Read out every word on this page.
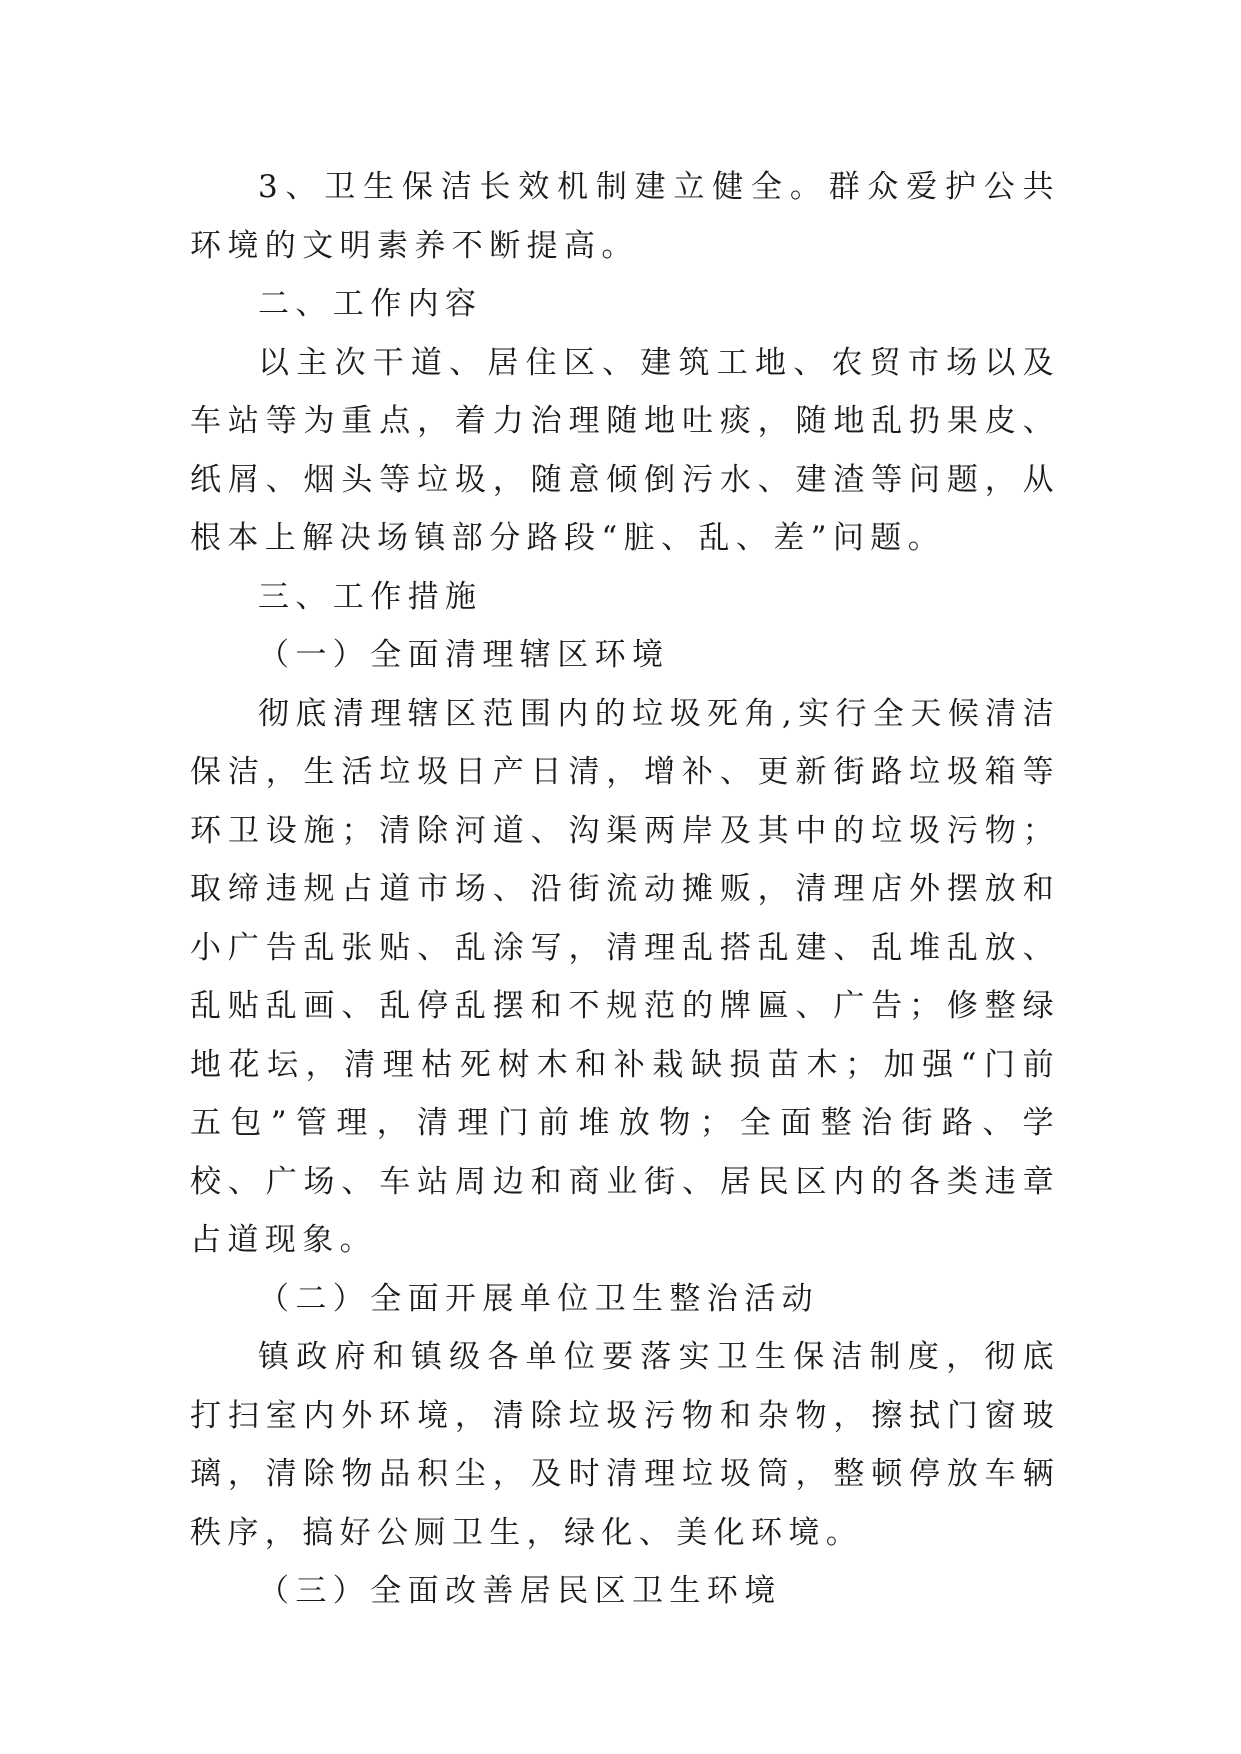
3、卫生保洁长效机制建立健全。群众爱护公共环境的文明素养不断提高。

二、工作内容

以主次干道、居住区、建筑工地、农贸市场以及车站等为重点，着力治理随地吐痰，随地乱扔果皮、纸屑、烟头等垃圾，随意倾倒污水、建渣等问题，从根本上解决场镇部分路段“脏、乱、差”问题。

三、工作措施

（一）全面清理辖区环境

彻底清理辖区范围内的垃圾死角,实行全天候清洁保洁，生活垃圾日产日清，增补、更新街路垃圾箱等环卫设施；清除河道、沟渠两岸及其中的垃圾污物；取缔违规占道市场、沿街流动摊贩，清理店外摆放和小广告乱张贴、乱涂写，清理乱搭乱建、乱堆乱放、乱贴乱画、乱停乱摆和不规范的牌匾、广告；修整绿地花坛，清理枯死树木和补栽缺损苗木；加强“门前五包”管理，清理门前堆放物；全面整治街路、学校、广场、车站周边和商业街、居民区内的各类违章占道现象。

（二）全面开展单位卫生整治活动

镇政府和镇级各单位要落实卫生保洁制度，彻底打扫室内外环境，清除垃圾污物和杂物，擦拭门窗玻璃，清除物品积尘，及时清理垃圾筒，整顿停放车辆秩序，搞好公厕卫生，绿化、美化环境。

（三）全面改善居民区卫生环境
